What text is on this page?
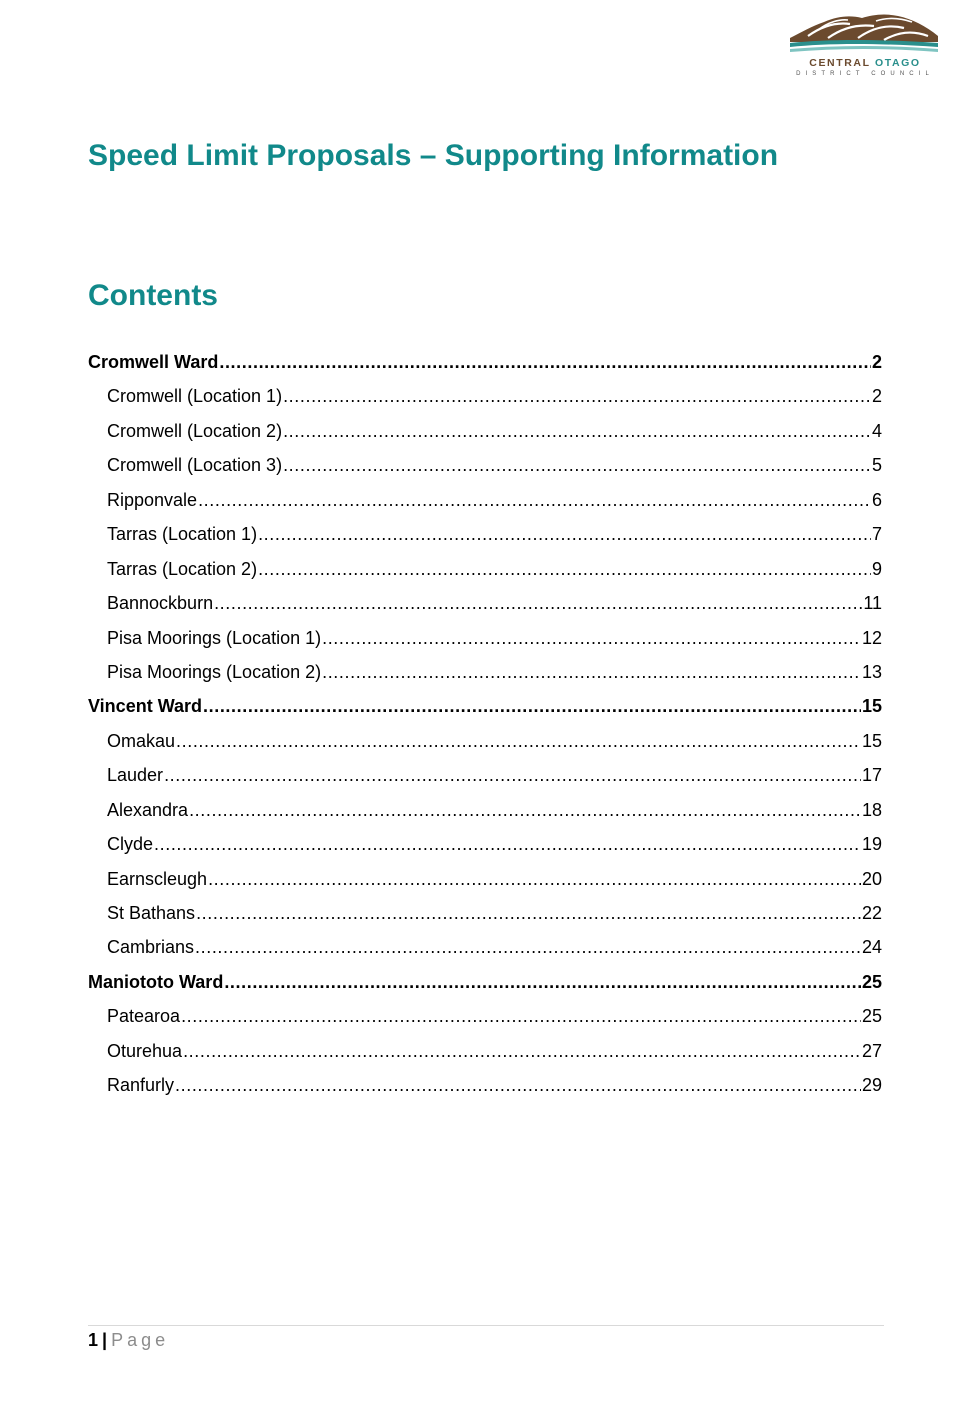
CENTRAL OTAGO
DISTRICT COUNCIL
Speed Limit Proposals – Supporting Information
Contents
Cromwell Ward .....	2
Cromwell (Location 1) .....	2
Cromwell (Location 2) .....	4
Cromwell (Location 3) .....	5
Ripponvale .....	6
Tarras (Location 1) .....	7
Tarras (Location 2) .....	9
Bannockburn .....	11
Pisa Moorings (Location 1) .....	12
Pisa Moorings (Location 2) .....	13
Vincent Ward .....	15
Omakau .....	15
Lauder .....	17
Alexandra .....	18
Clyde .....	19
Earnscleugh .....	20
St Bathans .....	22
Cambrians .....	24
Maniototo Ward .....	25
Patearoa .....	25
Oturehua .....	27
Ranfurly .....	29
1 | Page
